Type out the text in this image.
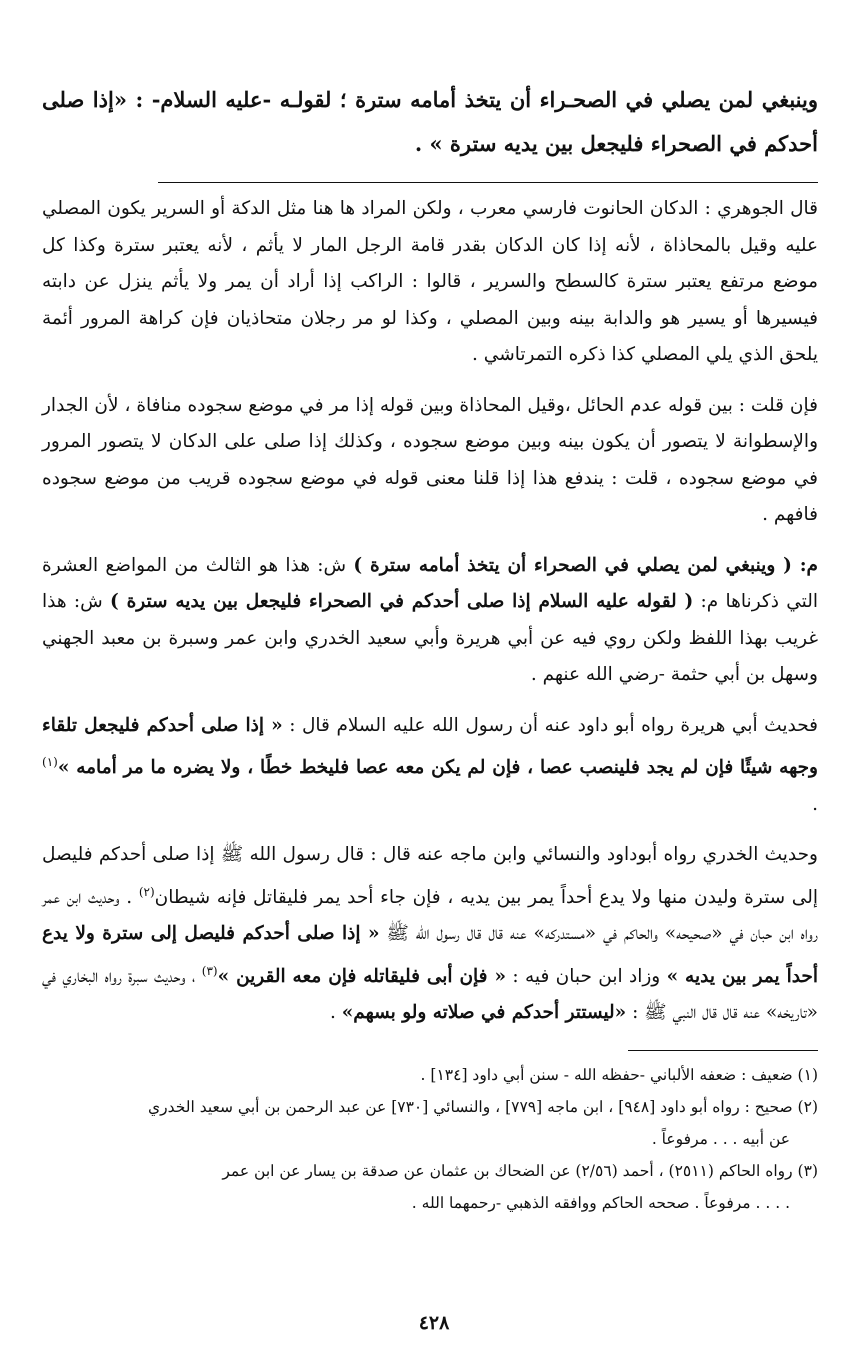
وينبغي لمن يصلي في الصحـراء أن يتخذ أمامه سترة ؛ لقولـه -عليه السلام- : «إذا صلى أحدكم في الصحراء فليجعل بين يديه سترة » .

قال الجوهري : الدكان الحانوت فارسي معرب ، ولكن المراد ها هنا مثل الدكة أو السرير يكون المصلي عليه وقيل بالمحاذاة ، لأنه إذا كان الدكان بقدر قامة الرجل المار لا يأثم ، لأنه يعتبر سترة وكذا كل موضع مرتفع يعتبر سترة كالسطح والسرير ، قالوا : الراكب إذا أراد أن يمر ولا يأثم ينزل عن دابته فيسيرها أو يسير هو والدابة بينه وبين المصلي ، وكذا لو مر رجلان متحاذيان فإن كراهة المرور أئمة يلحق الذي يلي المصلي كذا ذكره التمرتاشي .

فإن قلت : بين قوله عدم الحائل ،وقيل المحاذاة وبين قوله إذا مر في موضع سجوده منافاة ، لأن الجدار والإسطوانة لا يتصور أن يكون بينه وبين موضع سجوده ، وكذلك إذا صلى على الدكان لا يتصور المرور في موضع سجوده ، قلت : يندفع هذا إذا قلنا معنى قوله في موضع سجوده قريب من موضع سجوده فافهم .

م: ( وينبغي لمن يصلي في الصحراء أن يتخذ أمامه سترة ) ش: هذا هو الثالث من المواضع العشرة التي ذكرناها م: ( لقوله عليه السلام إذا صلى أحدكم في الصحراء فليجعل بين يديه سترة ) ش: هذا غريب بهذا اللفظ ولكن روي فيه عن أبي هريرة وأبي سعيد الخدري وابن عمر وسبرة بن معبد الجهني وسهل بن أبي حثمة -رضي الله عنهم .

فحديث أبي هريرة رواه أبو داود عنه أن رسول الله عليه السلام قال : « إذا صلى أحدكم فليجعل تلقاء وجهه شيئًا فإن لم يجد فلينصب عصا ، فإن لم يكن معه عصا فليخط خطًا ، ولا يضره ما مر أمامه »$^{(١)}$ .

وحديث الخدري رواه أبوداود والنسائي وابن ماجه عنه قال : قال رسول الله ﷺ إذا صلى أحدكم فليصل إلى سترة وليدن منها ولا يدع أحداً يمر بين يديه ، فإن جاء أحد يمر فليقاتل فإنه شيطان$^{(٢)}$ . وحديث ابن عمر رواه ابن حبان في «صحيحه» والحاكم في «مستدركه» عنه قال قال رسول الله ﷺ « إذا صلى أحدكم فليصل إلى سترة ولا يدع أحداً يمر بين يديه » وزاد ابن حبان فيه : « فإن أبى فليقاتله فإن معه القرين »$^{(٣)}$ ، وحديث سبرة رواه البخاري في «تاريخه» عنه قال قال النبي ﷺ : «ليستتر أحدكم في صلاته ولو بسهم» .

(١) ضعيف : ضعفه الألباني -حفظه الله - سنن أبي داود [١٣٤] .

(٢) صحيح : رواه أبو داود [٩٤٨] ، ابن ماجه [٧٧٩] ، والنسائي [٧٣٠] عن عبد الرحمن بن أبي سعيد الخدري
عن أبيه . . . مرفوعاً .

(٣) رواه الحاكم (٢٥١١) ، أحمد (٢/٥٦) عن الضحاك بن عثمان عن صدقة بن يسار عن ابن عمر
. . . . مرفوعاً . صححه الحاكم ووافقه الذهبي -رحمهما الله .

٤٢٨
